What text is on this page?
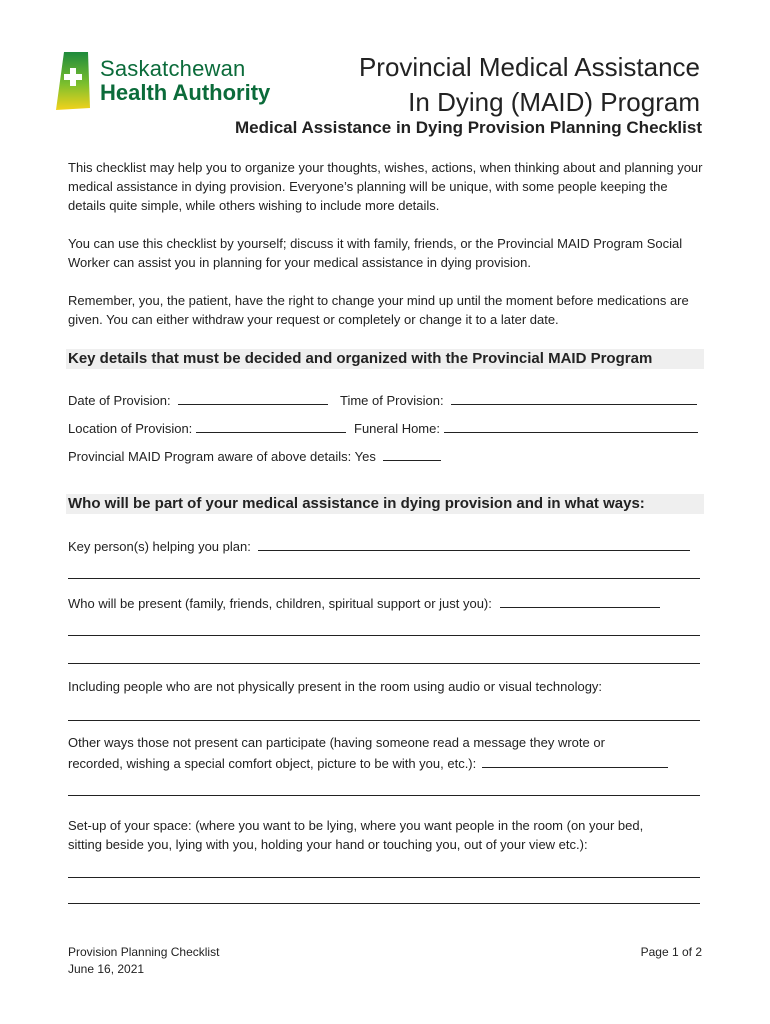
Saskatchewan
Health Authority
Provincial Medical Assistance
In Dying (MAID) Program
Medical Assistance in Dying Provision Planning Checklist
This checklist may help you to organize your thoughts, wishes, actions, when thinking about and planning your medical assistance in dying provision. Everyone’s planning will be unique, with some people keeping the details quite simple, while others wishing to include more details.
You can use this checklist by yourself; discuss it with family, friends, or the Provincial MAID Program Social Worker can assist you in planning for your medical assistance in dying provision.
Remember, you, the patient, have the right to change your mind up until the moment before medications are given. You can either withdraw your request or completely or change it to a later date.
Key details that must be decided and organized with the Provincial MAID Program
Date of Provision:	Time of Provision:
Location of Provision:	Funeral Home:
Provincial MAID Program aware of above details: Yes
Who will be part of your medical assistance in dying provision and in what ways:
Key person(s) helping you plan:
Who will be present (family, friends, children, spiritual support or just you):
Including people who are not physically present in the room using audio or visual technology:
Other ways those not present can participate (having someone read a message they wrote or
recorded, wishing a special comfort object, picture to be with you, etc.):
Set-up of your space: (where you want to be lying, where you want people in the room (on your bed,
sitting beside you, lying with you, holding your hand or touching you, out of your view etc.):
Provision Planning Checklist
June 16, 2021
Page 1 of 2
